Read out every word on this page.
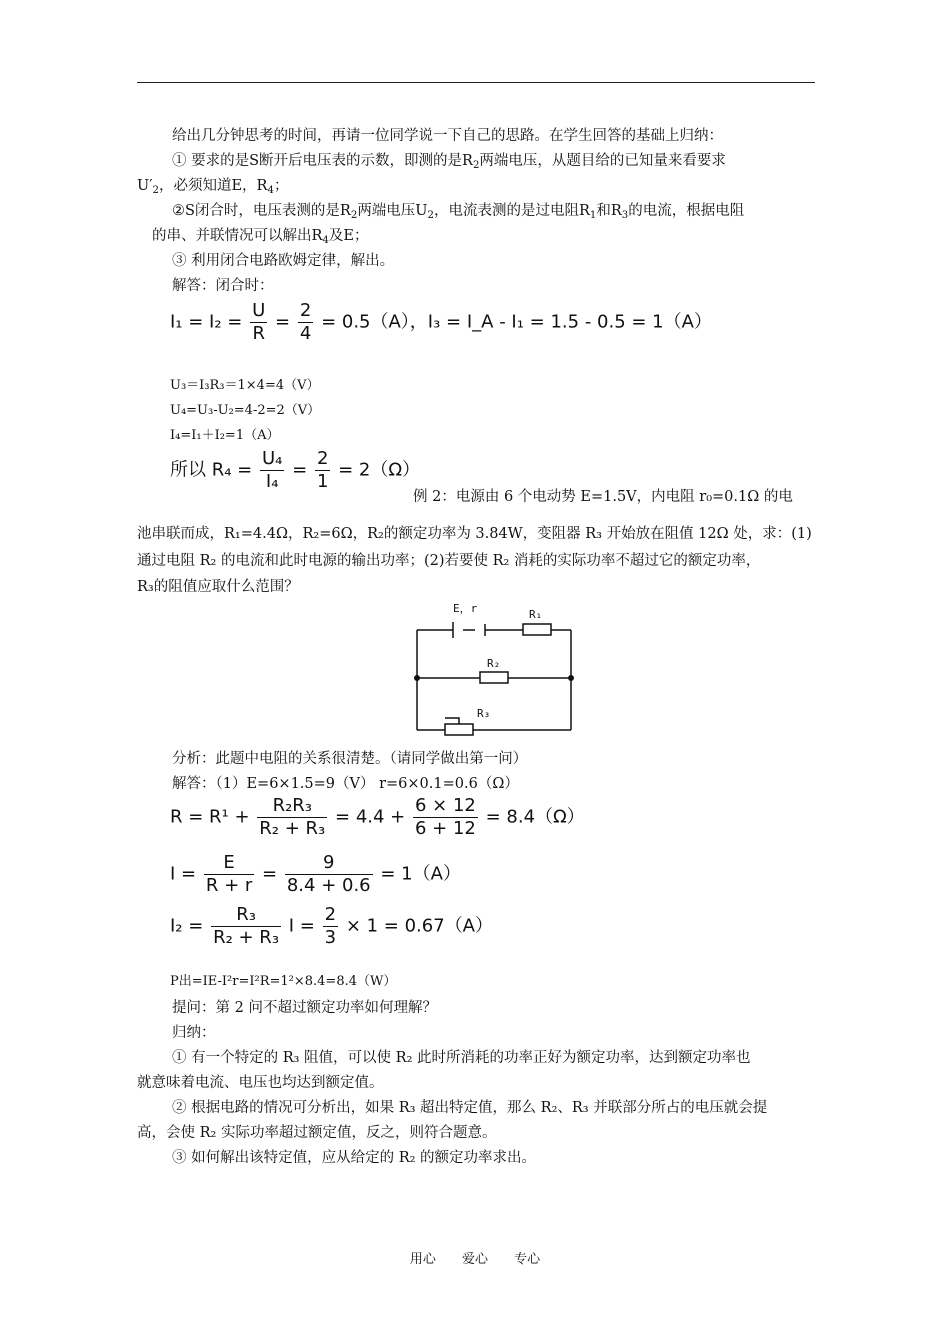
给出几分钟思考的时间，再请一位同学说一下自己的思路。在学生回答的基础上归纳：
① 要求的是S断开后电压表的示数，即测的是$R_2$两端电压，从题目给的已知量来看要求
$U'_2$，必须知道E，$R_4$；
②S闭合时，电压表测的是$R_2$两端电压$U_2$，电流表测的是过电阻$R_1$和$R_3$的电流，根据电阻
的串、并联情况可以解出$R_4$及E；
③ 利用闭合电路欧姆定律，解出。
解答：闭合时：
$I_1 = I_2 = \frac{U}{R} = \frac{2}{4} = 0.5(A)$，I₃ = I_A - I₁ = 1.5 - 0.5 = 1（A）
U₃＝I₃R₃＝1×4=4（V）
U₄=U₃-U₂=4-2=2（V）
I₄=I₁＋I₂=1（A）
所以 $R_4 = \frac{\text{U₄}}{\text{I₄}} = \frac{2}{1} = 2(\Omega)$
例 2：电源由 6 个电动势 E=1.5V，内电阻 r₀=0.1Ω 的电
池串联而成，R₁=4.4Ω，R₂=6Ω，R₂的额定功率为 3.84W，变阻器 R₃ 开始放在阻值 12Ω 处，求：(1)
通过电阻 R₂ 的电流和此时电源的输出功率；(2)若要使 R₂ 消耗的实际功率不超过它的额定功率，
R₃的阻值应取什么范围？
E，r	R₁
R₂
R₃
分析：此题中电阻的关系很清楚。（请同学做出第一问）
解答：（1）E=6×1.5=9（V） r=6×0.1=0.6（Ω）
$R = R^1 + \frac{\text{R₂R₃}}{\text{R₂ + R₃}} = 4.4 + \frac{6 \times 12}{6 + 12} = 8.4(\Omega)$
$I = \frac{E}{R + r} = \frac{9}{8.4 + 0.6} = 1(A)$
$I_2 = \frac{\text{R₃}}{\text{R₂ + R₃}}$ $I = \frac{2}{3} \times 1 = 0.67(A)$
P出=IE-I²r=I²R=1²×8.4=8.4（W）
提问：第 2 问不超过额定功率如何理解？
归纳：
① 有一个特定的 R₃ 阻值，可以使 R₂ 此时所消耗的功率正好为额定功率，达到额定功率也
就意味着电流、电压也均达到额定值。
② 根据电路的情况可分析出，如果 R₃ 超出特定值，那么 R₂、R₃ 并联部分所占的电压就会提
高，会使 R₂ 实际功率超过额定值，反之，则符合题意。
③ 如何解出该特定值，应从给定的 R₂ 的额定功率求出。
用心 爱心 专心
